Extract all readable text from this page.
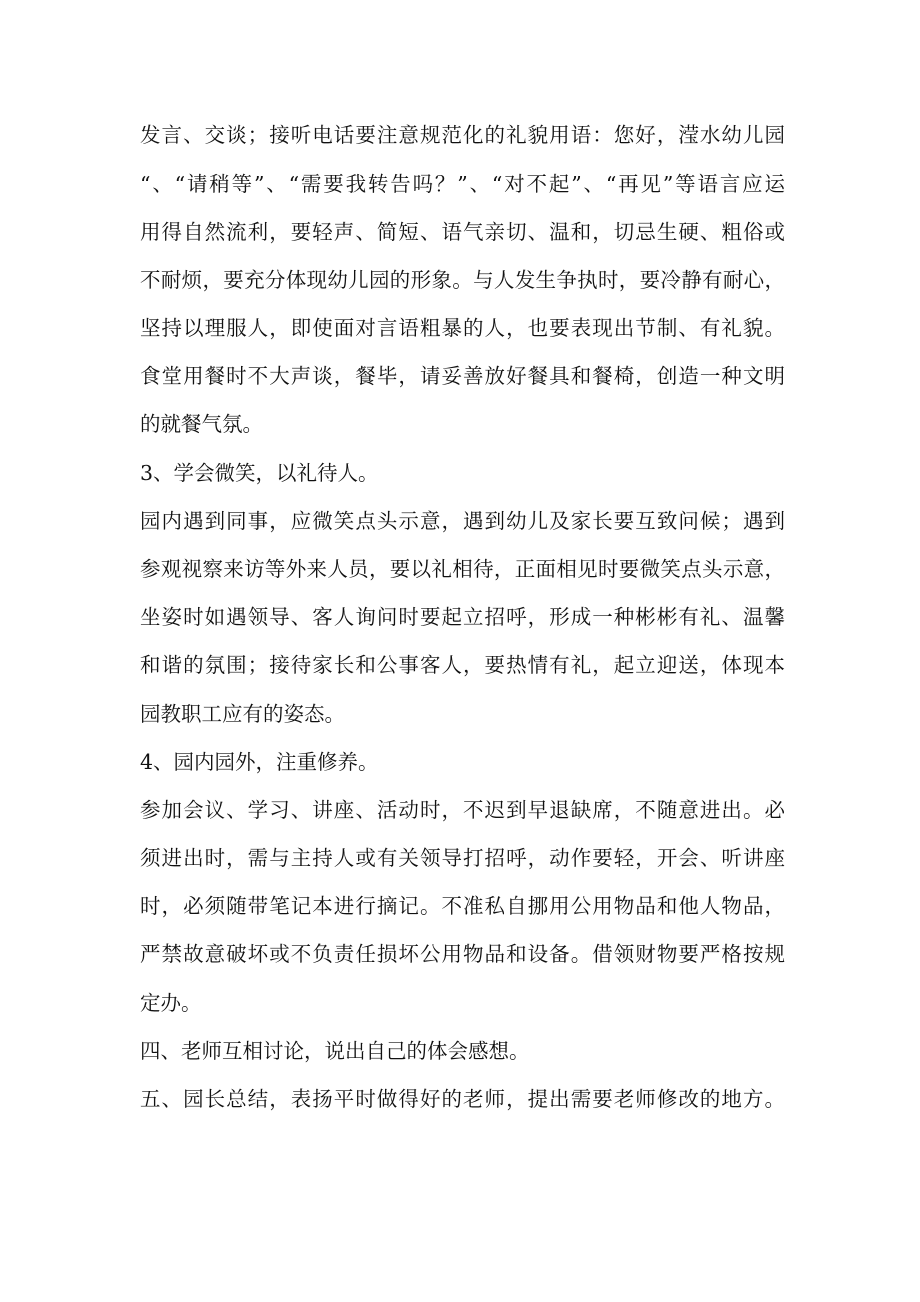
发言、交谈；接听电话要注意规范化的礼貌用语：您好，滢水幼儿园
“、“请稍等”、“需要我转告吗？”、“对不起”、“再见”等语言应运
用得自然流利，要轻声、简短、语气亲切、温和，切忌生硬、粗俗或
不耐烦，要充分体现幼儿园的形象。与人发生争执时，要冷静有耐心，
坚持以理服人，即使面对言语粗暴的人，也要表现出节制、有礼貌。
食堂用餐时不大声谈，餐毕，请妥善放好餐具和餐椅，创造一种文明
的就餐气氛。
3、学会微笑，以礼待人。
园内遇到同事，应微笑点头示意，遇到幼儿及家长要互致问候；遇到
参观视察来访等外来人员，要以礼相待，正面相见时要微笑点头示意，
坐姿时如遇领导、客人询问时要起立招呼，形成一种彬彬有礼、温馨
和谐的氛围；接待家长和公事客人，要热情有礼，起立迎送，体现本
园教职工应有的姿态。
4、园内园外，注重修养。
参加会议、学习、讲座、活动时，不迟到早退缺席，不随意进出。必
须进出时，需与主持人或有关领导打招呼，动作要轻，开会、听讲座
时，必须随带笔记本进行摘记。不准私自挪用公用物品和他人物品，
严禁故意破坏或不负责任损坏公用物品和设备。借领财物要严格按规
定办。
四、老师互相讨论，说出自己的体会感想。
五、园长总结，表扬平时做得好的老师，提出需要老师修改的地方。
